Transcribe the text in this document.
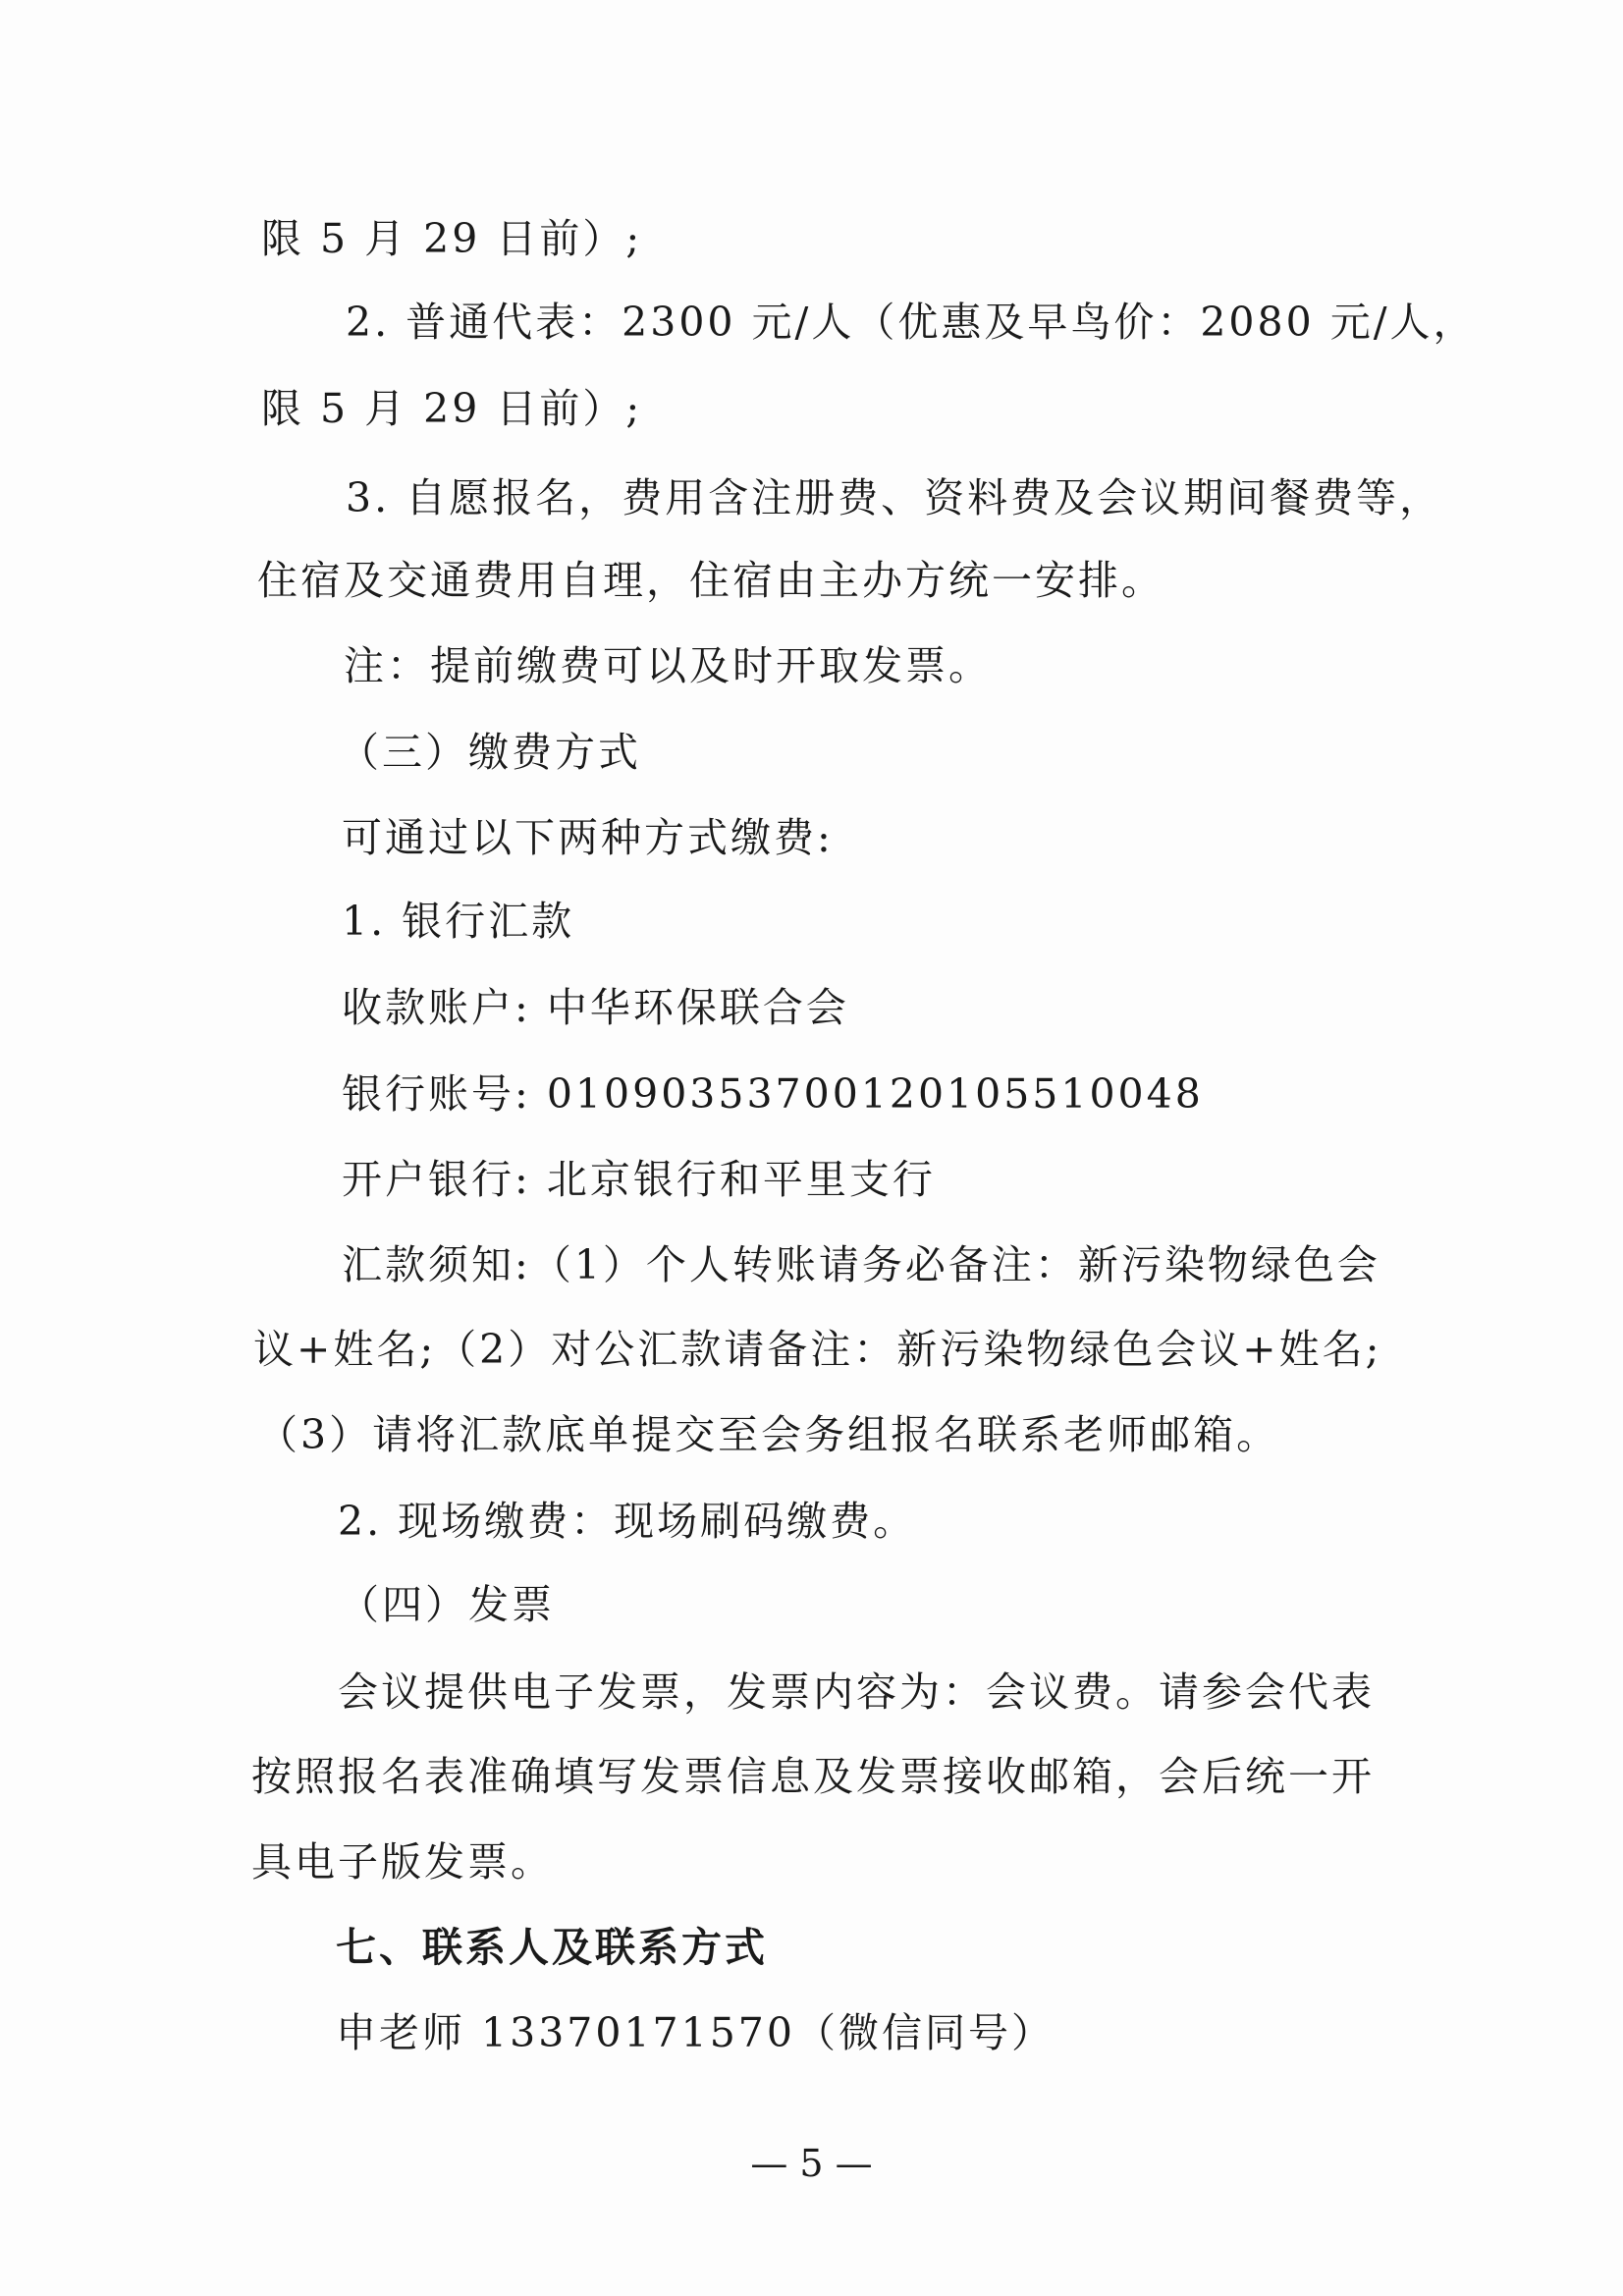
限 5 月 29 日前）;
2. 普通代表：2300 元/人（优惠及早鸟价：2080 元/人，
限 5 月 29 日前）;
3. 自愿报名，费用含注册费、资料费及会议期间餐费等，
住宿及交通费用自理，住宿由主办方统一安排。
注：提前缴费可以及时开取发票。
（三）缴费方式
可通过以下两种方式缴费:
1. 银行汇款
收款账户: 中华环保联合会
银行账号: 01090353700120105510048
开户银行: 北京银行和平里支行
汇款须知:（1）个人转账请务必备注：新污染物绿色会
议+姓名;（2）对公汇款请备注：新污染物绿色会议+姓名;
（3）请将汇款底单提交至会务组报名联系老师邮箱。
2. 现场缴费：现场刷码缴费。
（四）发票
会议提供电子发票，发票内容为：会议费。请参会代表
按照报名表准确填写发票信息及发票接收邮箱，会后统一开
具电子版发票。
七、联系人及联系方式
申老师 13370171570（微信同号）
— 5 —
